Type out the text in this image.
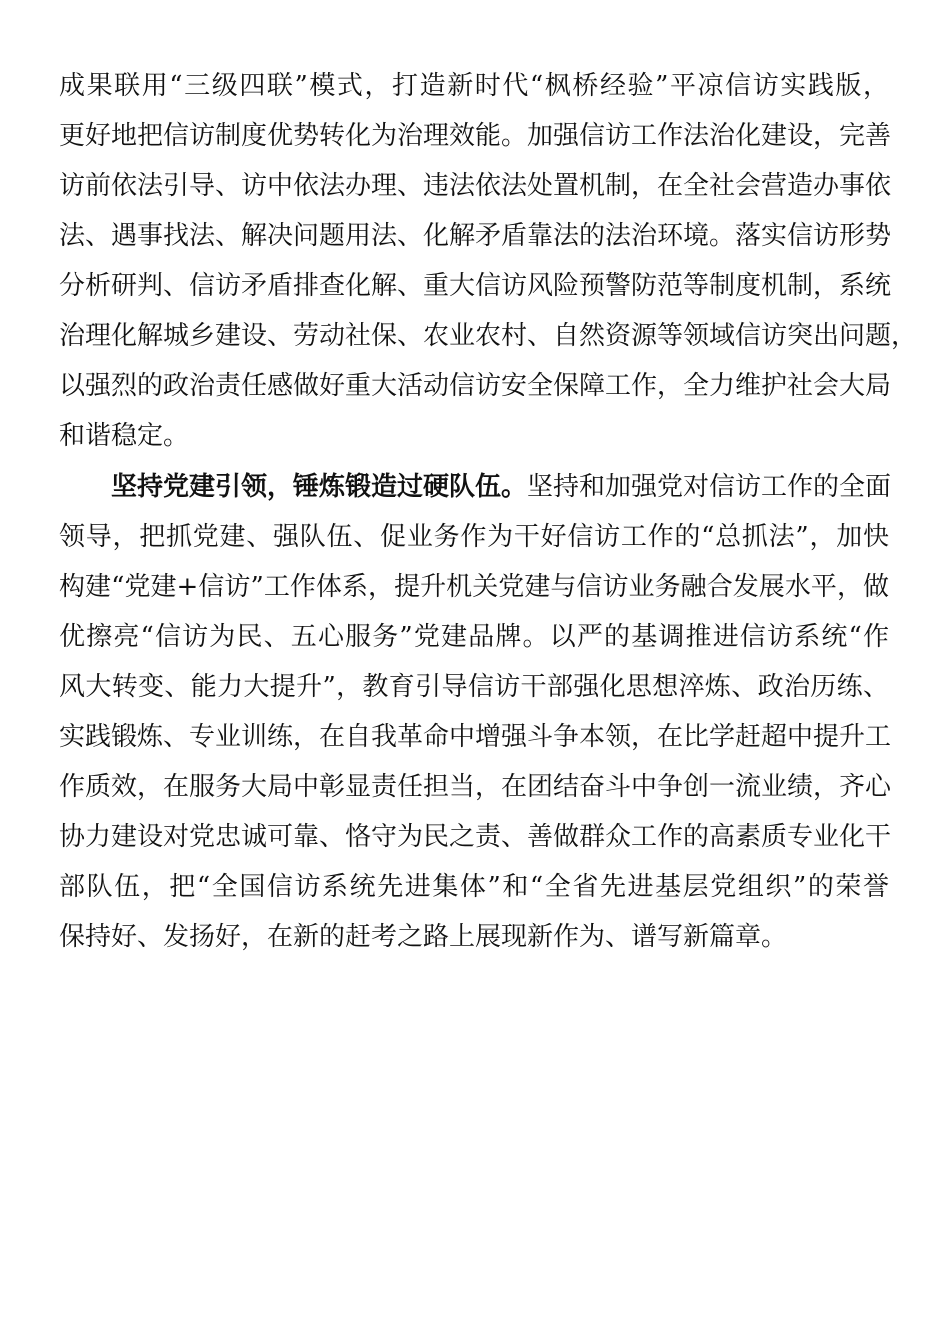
成果联用“三级四联”模式，打造新时代“枫桥经验”平凉信访实践版，
更好地把信访制度优势转化为治理效能。加强信访工作法治化建设，完善
访前依法引导、访中依法办理、违法依法处置机制，在全社会营造办事依
法、遇事找法、解决问题用法、化解矛盾靠法的法治环境。落实信访形势
分析研判、信访矛盾排查化解、重大信访风险预警防范等制度机制，系统
治理化解城乡建设、劳动社保、农业农村、自然资源等领域信访突出问题，
以强烈的政治责任感做好重大活动信访安全保障工作，全力维护社会大局
和谐稳定。
坚持党建引领，锤炼锻造过硬队伍。坚持和加强党对信访工作的全面
领导，把抓党建、强队伍、促业务作为干好信访工作的“总抓法”，加快
构建“党建+信访”工作体系，提升机关党建与信访业务融合发展水平，做
优擦亮“信访为民、五心服务”党建品牌。以严的基调推进信访系统“作
风大转变、能力大提升”，教育引导信访干部强化思想淬炼、政治历练、
实践锻炼、专业训练，在自我革命中增强斗争本领，在比学赶超中提升工
作质效，在服务大局中彰显责任担当，在团结奋斗中争创一流业绩，齐心
协力建设对党忠诚可靠、恪守为民之责、善做群众工作的高素质专业化干
部队伍，把“全国信访系统先进集体”和“全省先进基层党组织”的荣誉
保持好、发扬好，在新的赶考之路上展现新作为、谱写新篇章。
